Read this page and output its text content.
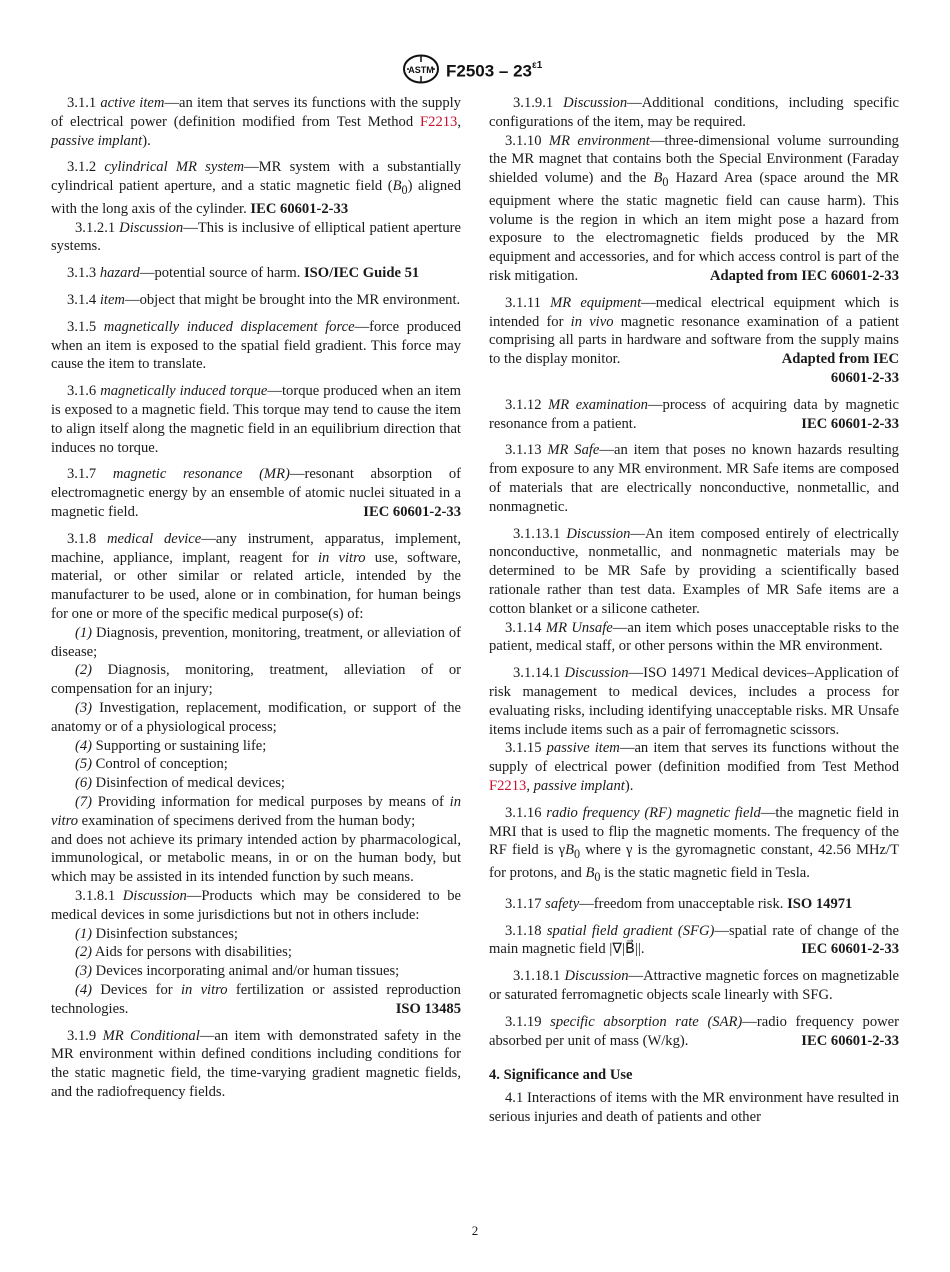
ASTM $F2503 - 23^{\varepsilon 1}$

3.1.1 active item—an item that serves its functions with the supply of electrical power (definition modified from Test Method F2213, passive implant).

3.1.2 cylindrical MR system—MR system with a substantially cylindrical patient aperture, and a static magnetic field $(B_0)$ aligned with the long axis of the cylinder. IEC 60601-2-33

3.1.2.1 Discussion—This is inclusive of elliptical patient aperture systems.

3.1.3 hazard—potential source of harm. ISO/IEC Guide 51

3.1.4 item—object that might be brought into the MR environment.

3.1.5 magnetically induced displacement force—force produced when an item is exposed to the spatial field gradient. This force may cause the item to translate.

3.1.6 magnetically induced torque—torque produced when an item is exposed to a magnetic field. This torque may tend to cause the item to align itself along the magnetic field in an equilibrium direction that induces no torque.

3.1.7 magnetic resonance (MR)—resonant absorption of electromagnetic energy by an ensemble of atomic nuclei situated in a magnetic field.	IEC 60601-2-33

3.1.8 medical device—any instrument, apparatus, implement, machine, appliance, implant, reagent for in vitro use, software, material, or other similar or related article, intended by the manufacturer to be used, alone or in combination, for human beings for one or more of the specific medical purpose(s) of:

(1) Diagnosis, prevention, monitoring, treatment, or alleviation of disease;

(2) Diagnosis, monitoring, treatment, alleviation of or compensation for an injury;

(3) Investigation, replacement, modification, or support of the anatomy or of a physiological process;

(4) Supporting or sustaining life;

(5) Control of conception;

(6) Disinfection of medical devices;

(7) Providing information for medical purposes by means of in vitro examination of specimens derived from the human body;

and does not achieve its primary intended action by pharmacological, immunological, or metabolic means, in or on the human body, but which may be assisted in its intended function by such means.

3.1.8.1 Discussion—Products which may be considered to be medical devices in some jurisdictions but not in others include:

(1) Disinfection substances;

(2) Aids for persons with disabilities;

(3) Devices incorporating animal and/or human tissues;

(4) Devices for in vitro fertilization or assisted reproduction technologies.	ISO 13485

3.1.9 MR Conditional—an item with demonstrated safety in the MR environment within defined conditions including conditions for the static magnetic field, the time-varying gradient magnetic fields, and the radiofrequency fields.

3.1.9.1 Discussion—Additional conditions, including specific configurations of the item, may be required.

3.1.10 MR environment—three-dimensional volume surrounding the MR magnet that contains both the Special Environment (Faraday shielded volume) and the $B_0$ Hazard Area (space around the MR equipment where the static magnetic field can cause harm). This volume is the region in which an item might pose a hazard from exposure to the electromagnetic fields produced by the MR equipment and accessories, and for which access control is part of the risk mitigation.	Adapted from IEC 60601-2-33

3.1.11 MR equipment—medical electrical equipment which is intended for in vivo magnetic resonance examination of a patient comprising all parts in hardware and software from the supply mains to the display monitor.	Adapted from IEC
60601-2-33

3.1.12 MR examination—process of acquiring data by magnetic resonance from a patient.	IEC 60601-2-33

3.1.13 MR Safe—an item that poses no known hazards resulting from exposure to any MR environment. MR Safe items are composed of materials that are electrically nonconductive, nonmetallic, and nonmagnetic.

3.1.13.1 Discussion—An item composed entirely of electrically nonconductive, nonmetallic, and nonmagnetic materials may be determined to be MR Safe by providing a scientifically based rationale rather than test data. Examples of MR Safe items are a cotton blanket or a silicone catheter.

3.1.14 MR Unsafe—an item which poses unacceptable risks to the patient, medical staff, or other persons within the MR environment.

3.1.14.1 Discussion—ISO 14971 Medical devices–Application of risk management to medical devices, includes a process for evaluating risks, including identifying unacceptable risks. MR Unsafe items include items such as a pair of ferromagnetic scissors.

3.1.15 passive item—an item that serves its functions without the supply of electrical power (definition modified from Test Method F2213, passive implant).

3.1.16 radio frequency (RF) magnetic field—the magnetic field in MRI that is used to flip the magnetic moments. The frequency of the RF field is $\gamma B_0$ where γ is the gyromagnetic constant, 42.56 MHz/T for protons, and $B_0$ is the static magnetic field in Tesla.

3.1.17 safety—freedom from unacceptable risk. ISO 14971

3.1.18 spatial field gradient (SFG)—spatial rate of change of the main magnetic field |∇|B⃗||.	IEC 60601-2-33

3.1.18.1 Discussion—Attractive magnetic forces on magnetizable or saturated ferromagnetic objects scale linearly with SFG.

3.1.19 specific absorption rate (SAR)—radio frequency power absorbed per unit of mass (W/kg).	IEC 60601-2-33

4. Significance and Use

4.1 Interactions of items with the MR environment have resulted in serious injuries and death of patients and other

2
